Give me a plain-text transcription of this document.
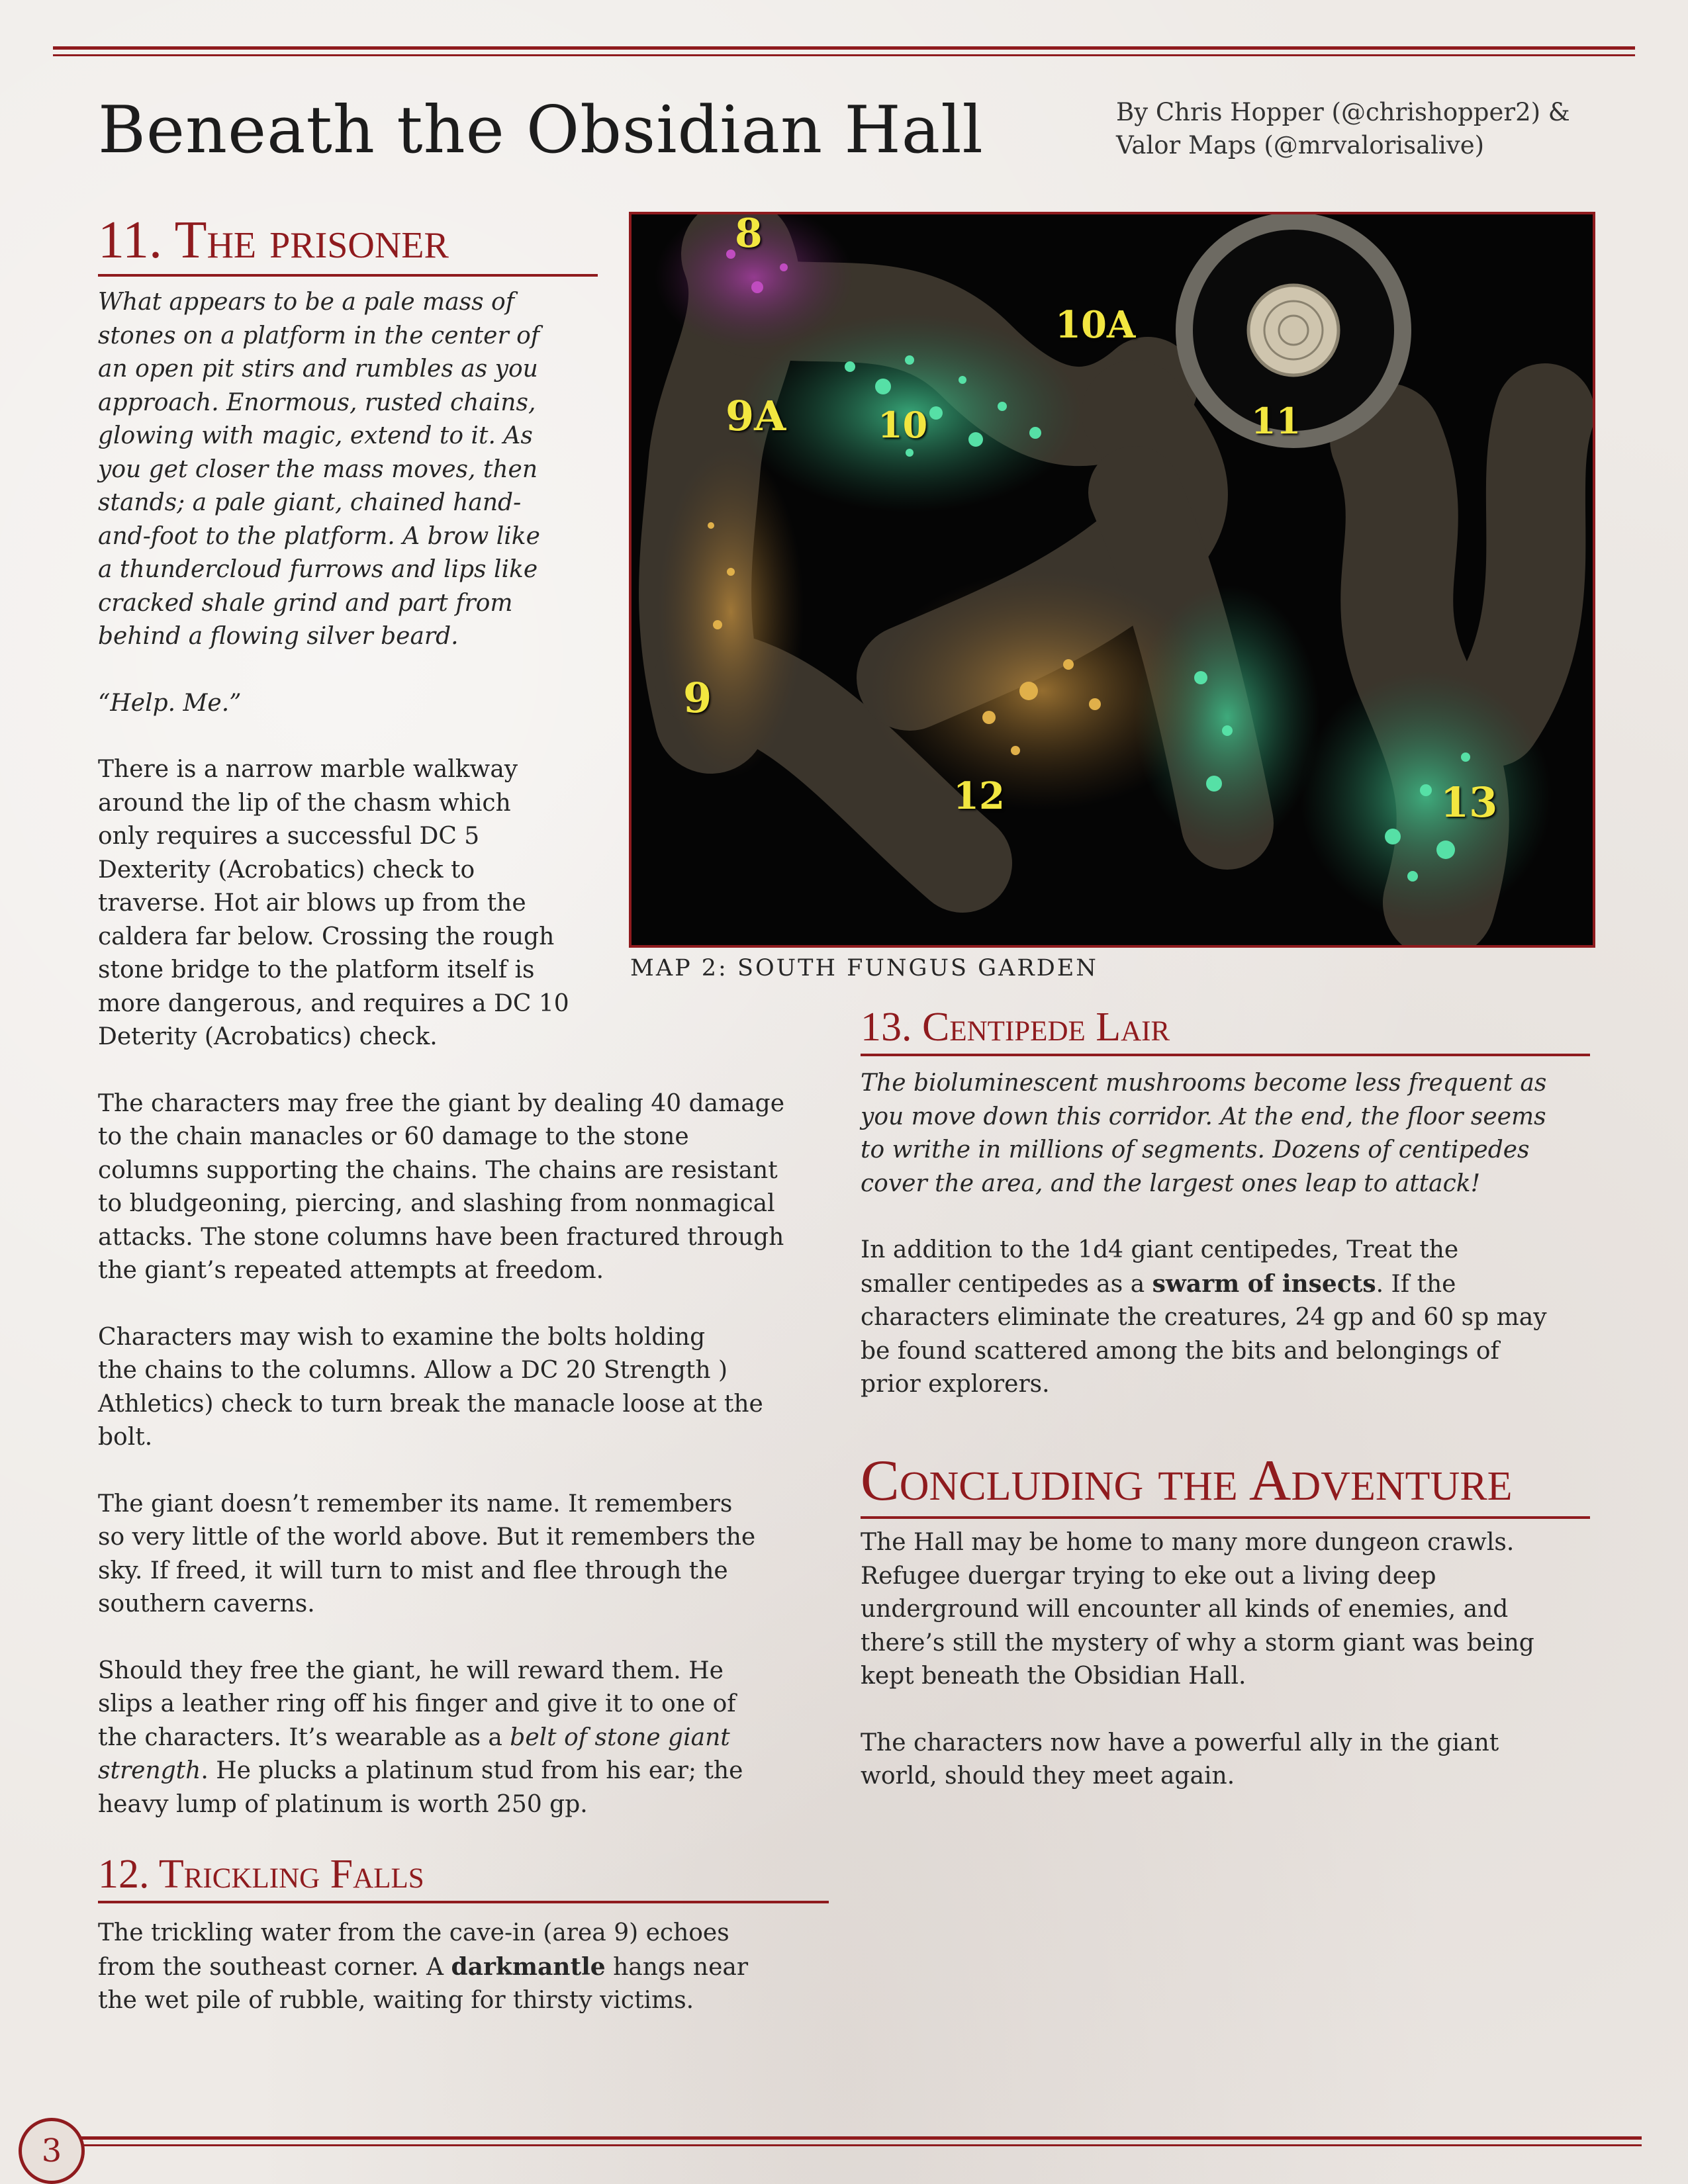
Beneath the Obsidian Hall	By Chris Hopper (@chrishopper2) &
Valor Maps (@mrvalorisalive)
11. The prisoner

What appears to be a pale mass of

stones on a platform in the center of

an open pit stirs and rumbles as you

approach. Enormous, rusted chains,

glowing with magic, extend to it. As

you get closer the mass moves, then

stands; a pale giant, chained hand-

and-foot to the platform. A brow like

a thundercloud furrows and lips like

cracked shale grind and part from

behind a flowing silver beard.

“Help. Me.”

There is a narrow marble walkway

around the lip of the chasm which

only requires a successful DC 5

Dexterity (Acrobatics) check to

traverse. Hot air blows up from the

caldera far below. Crossing the rough

stone bridge to the platform itself is

more dangerous, and requires a DC 10

Deterity (Acrobatics) check.

The characters may free the giant by dealing 40 damage

to the chain manacles or 60 damage to the stone

columns supporting the chains. The chains are resistant

to bludgeoning, piercing, and slashing from nonmagical

attacks. The stone columns have been fractured through

the giant’s repeated attempts at freedom.

Characters may wish to examine the bolts holding

the chains to the columns. Allow a DC 20 Strength )

Athletics) check to turn break the manacle loose at the

bolt.

The giant doesn’t remember its name. It remembers

so very little of the world above. But it remembers the

sky. If freed, it will turn to mist and flee through the

southern caverns.

Should they free the giant, he will reward them. He

slips a leather ring off his finger and give it to one of

the characters. It’s wearable as a belt of stone giant

strength. He plucks a platinum stud from his ear; the

heavy lump of platinum is worth 250 gp.

12. Trickling Falls

The trickling water from the cave-in (area 9) echoes

from the southeast corner. A darkmantle hangs near

the wet pile of rubble, waiting for thirsty victims.

8
10A
9A	10	11
9
12	13
MAP 2: SOUTH FUNGUS GARDEN
13. Centipede Lair

The bioluminescent mushrooms become less frequent as

you move down this corridor. At the end, the floor seems

to writhe in millions of segments. Dozens of centipedes

cover the area, and the largest ones leap to attack!

In addition to the 1d4 giant centipedes, Treat the

smaller centipedes as a swarm of insects. If the

characters eliminate the creatures, 24 gp and 60 sp may

be found scattered among the bits and belongings of

prior explorers.

Concluding the Adventure

The Hall may be home to many more dungeon crawls.

Refugee duergar trying to eke out a living deep

underground will encounter all kinds of enemies, and

there’s still the mystery of why a storm giant was being

kept beneath the Obsidian Hall.

The characters now have a powerful ally in the giant

world, should they meet again.

3
